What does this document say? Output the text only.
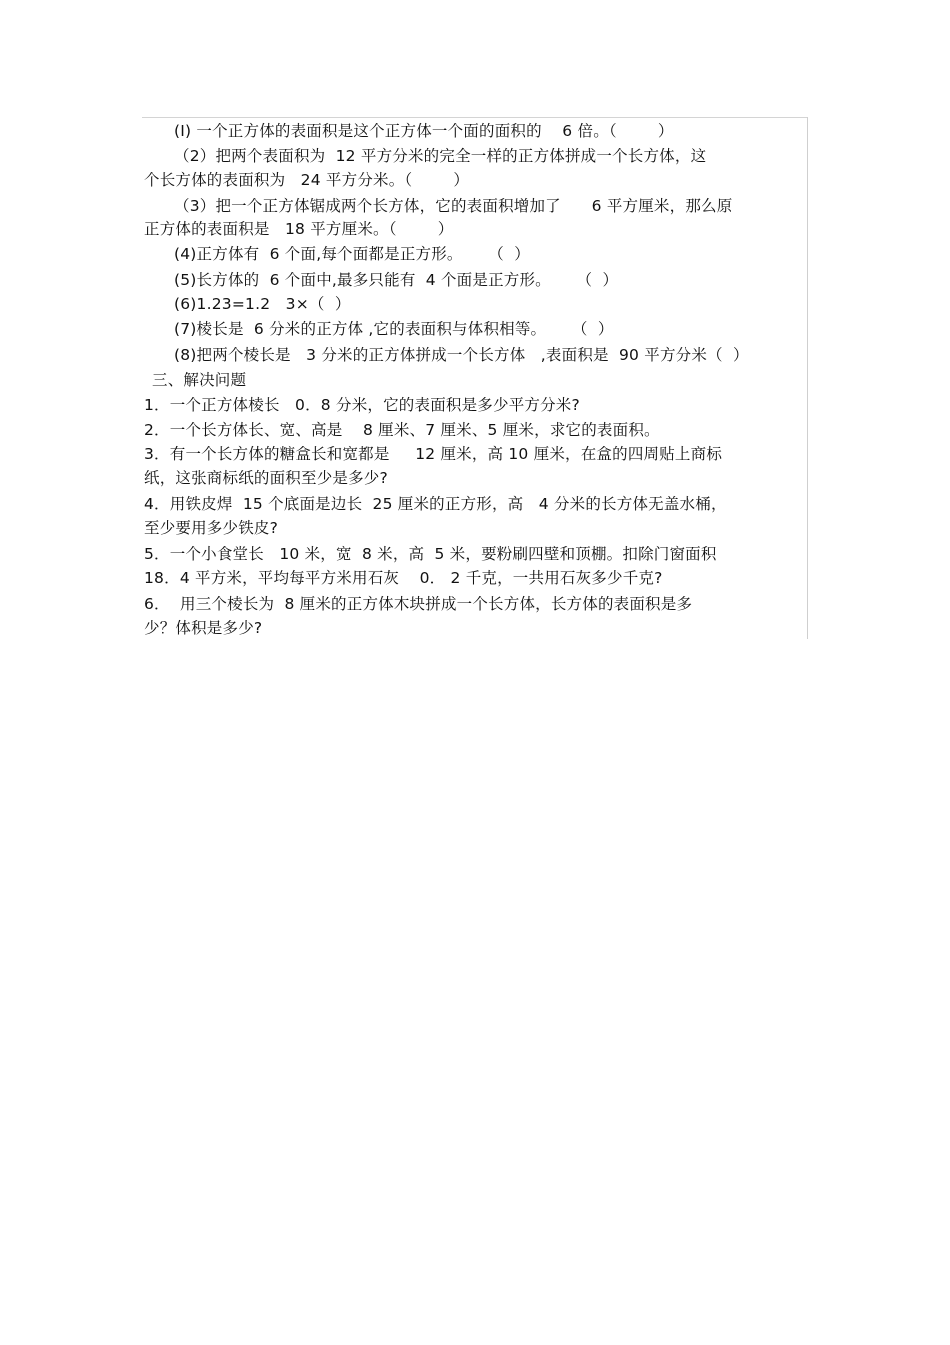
(Ⅰ) 一个正方体的表面积是这个正方体一个面的面积的    6 倍。（        ）
（2）把两个表面积为  12 平方分米的完全一样的正方体拼成一个长方体，这
个长方体的表面积为   24 平方分米。（        ）
（3）把一个正方体锯成两个长方体，它的表面积增加了      6 平方厘米，那么原
正方体的表面积是   18 平方厘米。（        ）
(4)正方体有  6 个面,每个面都是正方形。     （  ）
(5)长方体的  6 个面中,最多只能有  4 个面是正方形。     （  ）
(6)1.23=1.2   3×（  ）
(7)棱长是  6 分米的正方体 ,它的表面积与体积相等。     （  ）
(8)把两个棱长是   3 分米的正方体拼成一个长方体   ,表面积是  90 平方分米（  ）
三、解决问题
1．一个正方体棱长   0．8 分米，它的表面积是多少平方分米?
2．一个长方体长、宽、高是    8 厘米、7 厘米、5 厘米，求它的表面积。
3．有一个长方体的糖盒长和宽都是     12 厘米，高 10 厘米，在盒的四周贴上商标
纸，这张商标纸的面积至少是多少?
4．用铁皮焊  15 个底面是边长  25 厘米的正方形，高   4 分米的长方体无盖水桶，
至少要用多少铁皮?
5．一个小食堂长   10 米，宽  8 米，高  5 米，要粉刷四壁和顶棚。扣除门窗面积
18．4 平方米，平均每平方米用石灰    0． 2 千克，一共用石灰多少千克?
6．  用三个棱长为  8 厘米的正方体木块拼成一个长方体，长方体的表面积是多
少？体积是多少?
